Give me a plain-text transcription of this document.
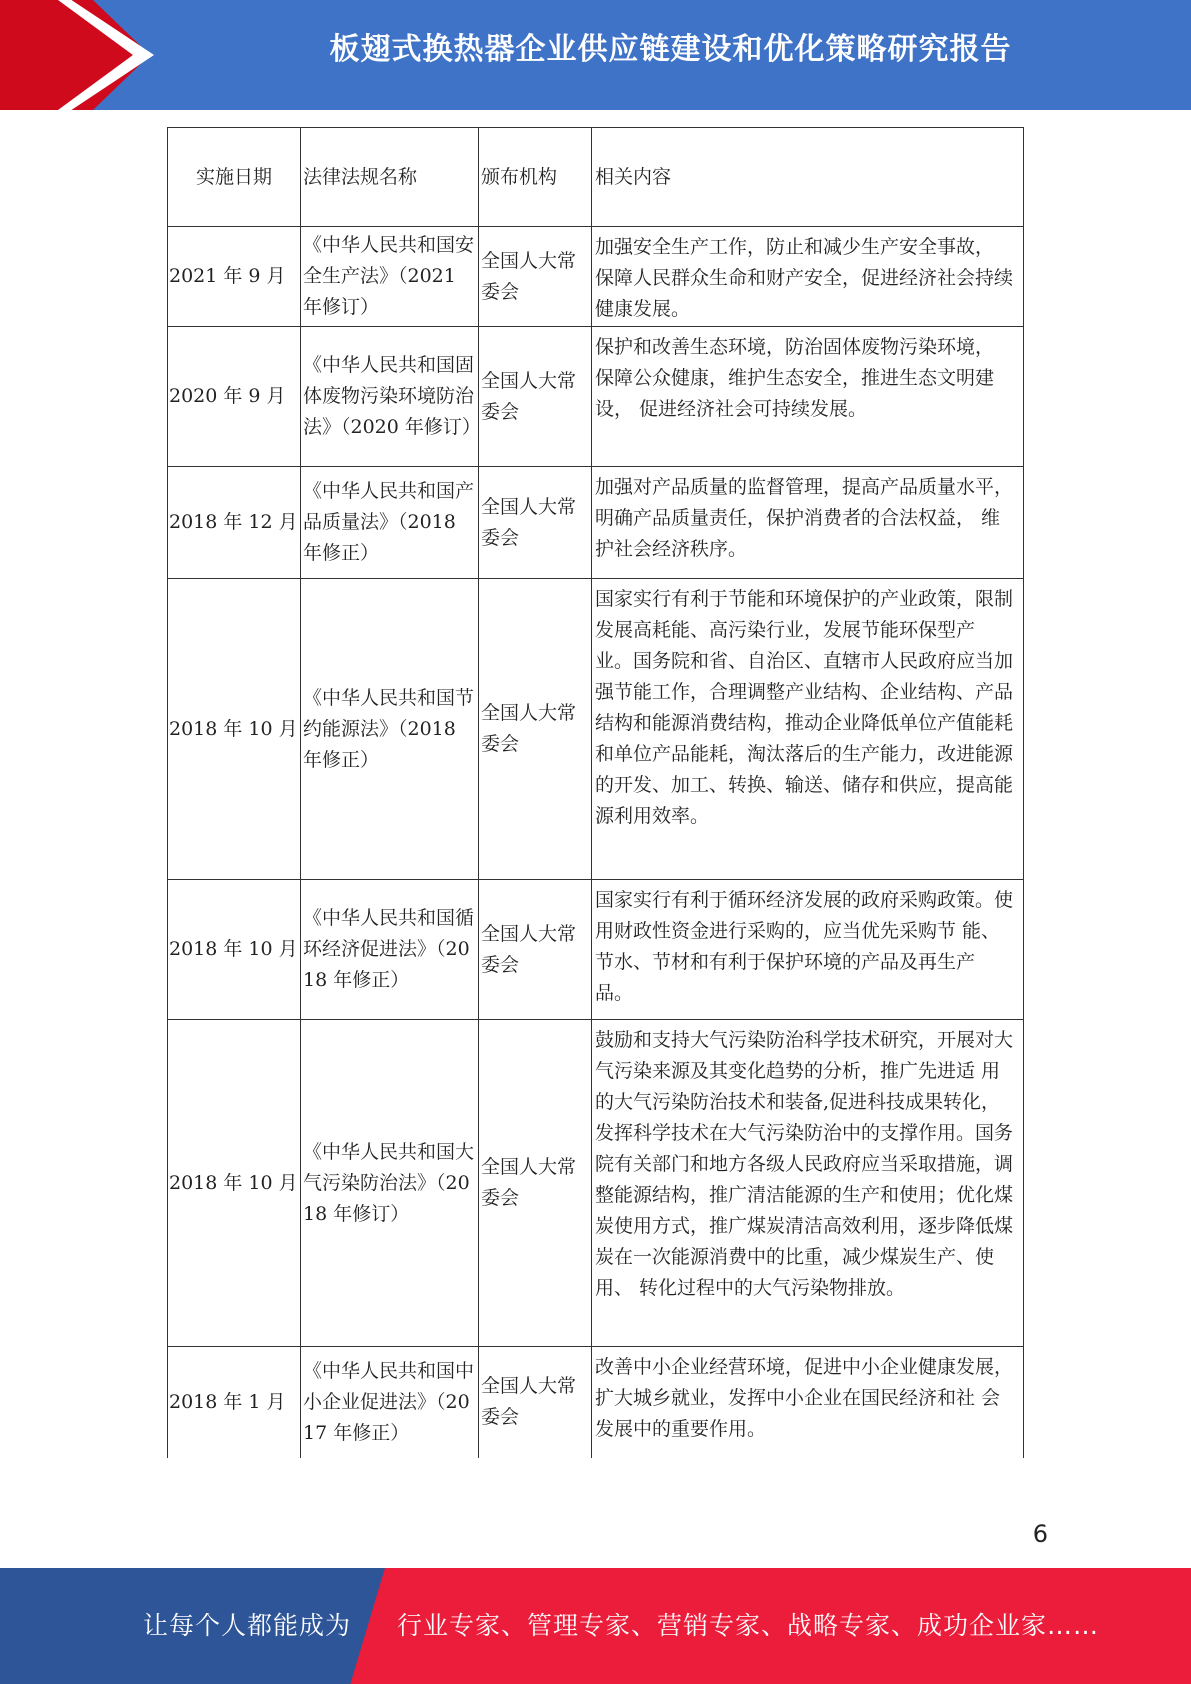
板翅式换热器企业供应链建设和优化策略研究报告
实施日期	法律法规名称	颁布机构	相关内容
2021 年 9 月	《中华人民共和国安全生产法》（2021 年修订）	全国人大常委会	加强安全生产工作，防止和减少生产安全事故， 保障人民群众生命和财产安全，促进经济社会持续 健康发展。
2020 年 9 月	《中华人民共和国固体废物污染环境防治法》（2020 年修订）	全国人大常委会	保护和改善生态环境，防治固体废物污染环境， 保障公众健康，维护生态安全，推进生态文明建设， 促进经济社会可持续发展。
2018 年 12 月	《中华人民共和国产品质量法》（2018 年修正）	全国人大常委会	加强对产品质量的监督管理，提高产品质量水平，明确产品质量责任，保护消费者的合法权益， 维护社会经济秩序。
2018 年 10 月	《中华人民共和国节约能源法》（2018 年修正）	全国人大常委会	国家实行有利于节能和环境保护的产业政策，限制发展高耗能、高污染行业，发展节能环保型产 业。国务院和省、自治区、直辖市人民政府应当加 强节能工作，合理调整产业结构、企业结构、产品 结构和能源消费结构，推动企业降低单位产值能耗 和单位产品能耗，淘汰落后的生产能力，改进能源 的开发、加工、转换、输送、储存和供应，提高能源利用效率。
2018 年 10 月	《中华人民共和国循环经济促进法》（2018 年修正）	全国人大常委会	国家实行有利于循环经济发展的政府采购政策。使用财政性资金进行采购的，应当优先采购节 能、节水、节材和有利于保护环境的产品及再生产 品。
2018 年 10 月	《中华人民共和国大气污染防治法》（2018 年修订）	全国人大常委会	鼓励和支持大气污染防治科学技术研究，开展对大气污染来源及其变化趋势的分析，推广先进适 用的大气污染防治技术和装备,促进科技成果转化， 发挥科学技术在大气污染防治中的支撑作用。国务 院有关部门和地方各级人民政府应当采取措施，调 整能源结构，推广清洁能源的生产和使用；优化煤 炭使用方式，推广煤炭清洁高效利用，逐步降低煤 炭在一次能源消费中的比重，减少煤炭生产、使用、 转化过程中的大气污染物排放。
2018 年 1 月	《中华人民共和国中小企业促进法》（2017 年修正）	全国人大常委会	改善中小企业经营环境，促进中小企业健康发展，扩大城乡就业，发挥中小企业在国民经济和社 会发展中的重要作用。
6
让每个人都能成为 行业专家、管理专家、营销专家、战略专家、成功企业家……
